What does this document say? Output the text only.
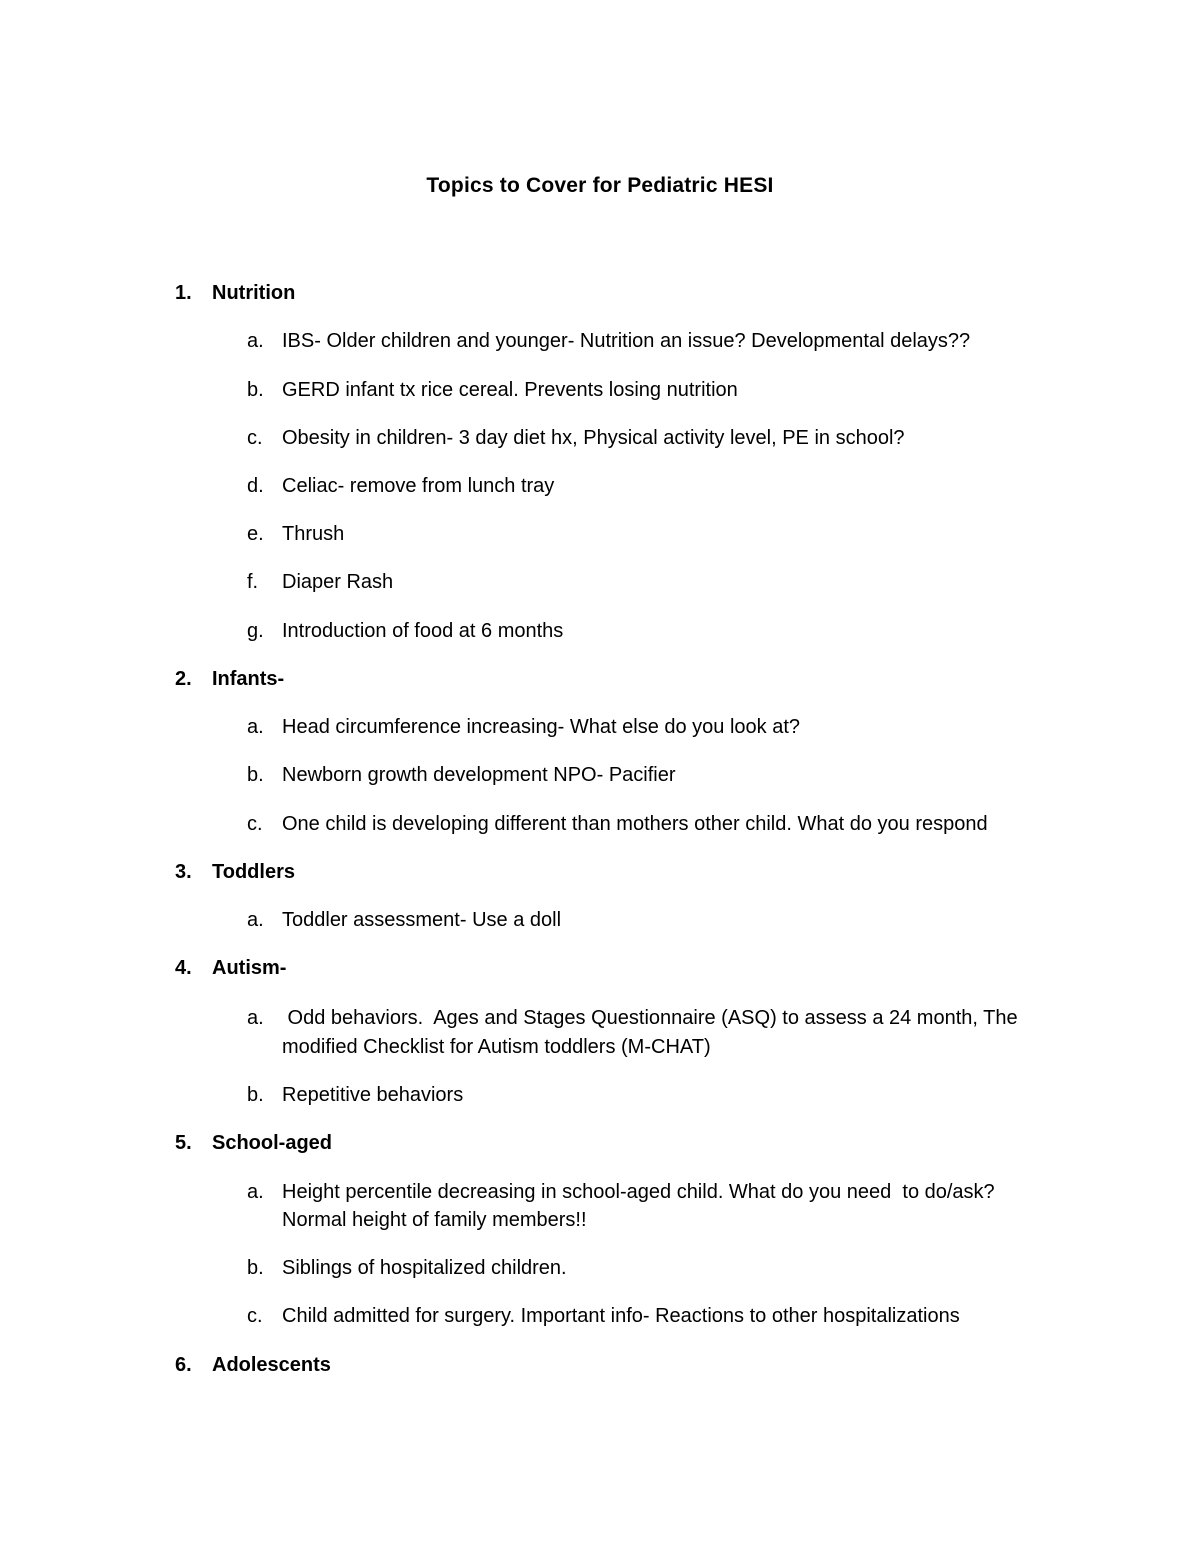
Topics to Cover for Pediatric HESI
1. Nutrition
a. IBS- Older children and younger- Nutrition an issue? Developmental delays??
b. GERD infant tx rice cereal. Prevents losing nutrition
c. Obesity in children- 3 day diet hx, Physical activity level, PE in school?
d. Celiac- remove from lunch tray
e. Thrush
f. Diaper Rash
g. Introduction of food at 6 months
2. Infants-
a. Head circumference increasing- What else do you look at?
b. Newborn growth development NPO- Pacifier
c. One child is developing different than mothers other child. What do you respond
3. Toddlers
a. Toddler assessment- Use a doll
4. Autism-
a. Odd behaviors.  Ages and Stages Questionnaire (ASQ) to assess a 24 month, The
modified Checklist for Autism toddlers (M-CHAT)
b. Repetitive behaviors
5. School-aged
a. Height percentile decreasing in school-aged child. What do you need  to do/ask?
Normal height of family members!!
b. Siblings of hospitalized children.
c. Child admitted for surgery. Important info- Reactions to other hospitalizations
6. Adolescents
